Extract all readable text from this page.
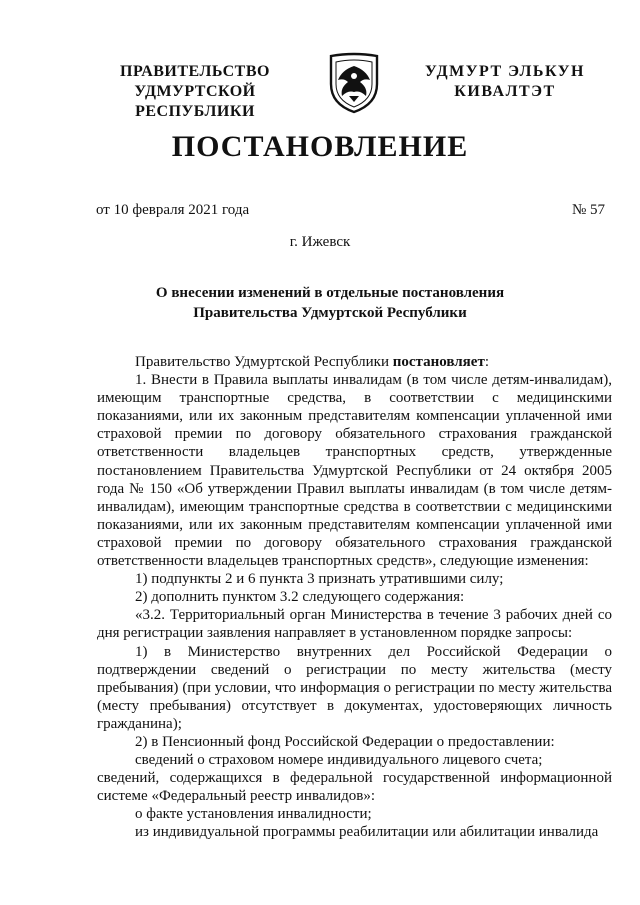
ПРАВИТЕЛЬСТВО
УДМУРТСКОЙ РЕСПУБЛИКИ
УДМУРТ ЭЛЬКУН
КИВАЛТЭТ
ПОСТАНОВЛЕНИЕ
от 10 февраля 2021 года	№ 57
г. Ижевск
О внесении изменений в отдельные постановления
Правительства Удмуртской Республики

Правительство Удмуртской Республики постановляет:

1. Внести в Правила выплаты инвалидам (в том числе детям-инвалидам), имеющим транспортные средства, в соответствии с медицинскими показаниями, или их законным представителям компенсации уплаченной ими страховой премии по договору обязательного страхования гражданской ответственности владельцев транспортных средств, утвержденные постановлением Правительства Удмуртской Республики от 24 октября 2005 года № 150 «Об утверждении Правил выплаты инвалидам (в том числе детям-инвалидам), имеющим транспортные средства в соответствии с медицинскими показаниями, или их законным представителям компенсации уплаченной ими страховой премии по договору обязательного страхования гражданской ответственности владельцев транспортных средств», следующие изменения:

1) подпункты 2 и 6 пункта 3 признать утратившими силу;

2) дополнить пунктом 3.2 следующего содержания:

«3.2. Территориальный орган Министерства в течение 3 рабочих дней со дня регистрации заявления направляет в установленном порядке запросы:

1) в Министерство внутренних дел Российской Федерации о подтверждении сведений о регистрации по месту жительства (месту пребывания) (при условии, что информация о регистрации по месту жительства (месту пребывания) отсутствует в документах, удостоверяющих личность гражданина);

2) в Пенсионный фонд Российской Федерации о предоставлении:

сведений о страховом номере индивидуального лицевого счета;

сведений, содержащихся в федеральной государственной информационной системе «Федеральный реестр инвалидов»:

о факте установления инвалидности;

из индивидуальной программы реабилитации или абилитации инвалида
